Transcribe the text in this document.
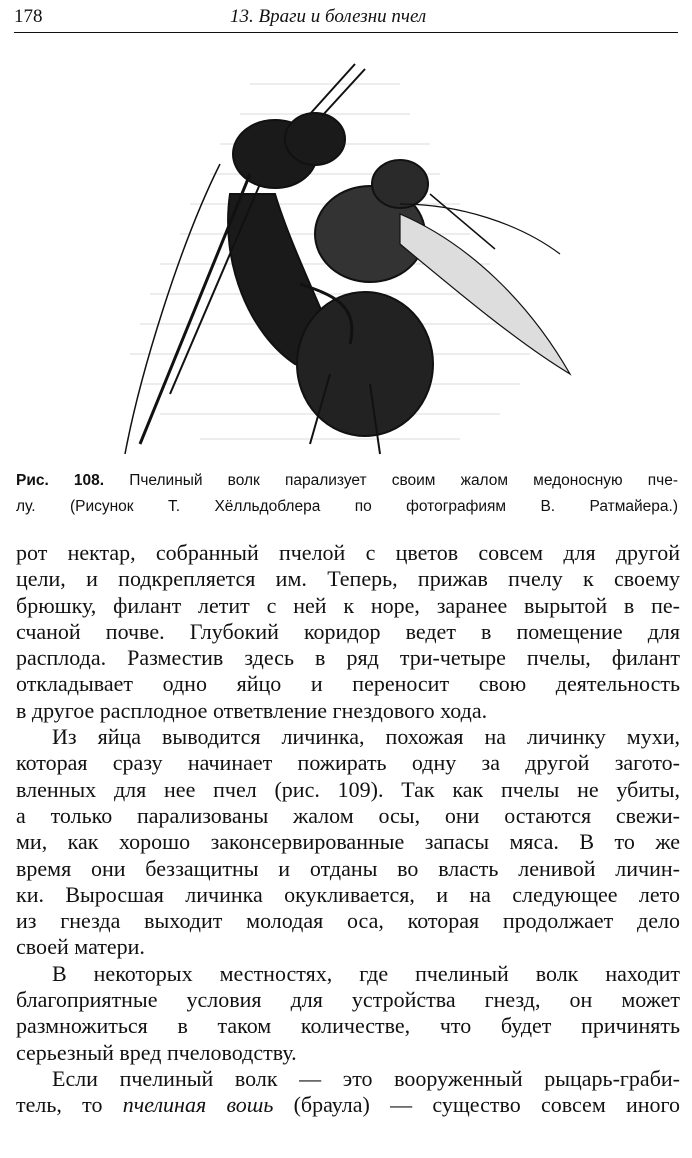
178	13. Враги и болезни пчел
Рис. 108. Пчелиный волк парализует своим жалом медоносную пче-
лу. (Рисунок Т. Хёлльдоблера по фотографиям В. Ратмайера.)
рот нектар, собранный пчелой с цветов совсем для другой
цели, и подкрепляется им. Теперь, прижав пчелу к своему
брюшку, филант летит с ней к норе, заранее вырытой в пе-
счаной почве. Глубокий коридор ведет в помещение для
расплода. Разместив здесь в ряд три-четыре пчелы, филант
откладывает одно яйцо и переносит свою деятельность
в другое расплодное ответвление гнездового хода.
Из яйца выводится личинка, похожая на личинку мухи,
которая сразу начинает пожирать одну за другой загото-
вленных для нее пчел (рис. 109). Так как пчелы не убиты,
а только парализованы жалом осы, они остаются свежи-
ми, как хорошо законсервированные запасы мяса. В то же
время они беззащитны и отданы во власть ленивой личин-
ки. Выросшая личинка окукливается, и на следующее лето
из гнезда выходит молодая оса, которая продолжает дело
своей матери.
В некоторых местностях, где пчелиный волк находит
благоприятные условия для устройства гнезд, он может
размножиться в таком количестве, что будет причинять
серьезный вред пчеловодству.
Если пчелиный волк — это вооруженный рыцарь-граби-
тель, то пчелиная вошь (браула) — существо совсем иного
